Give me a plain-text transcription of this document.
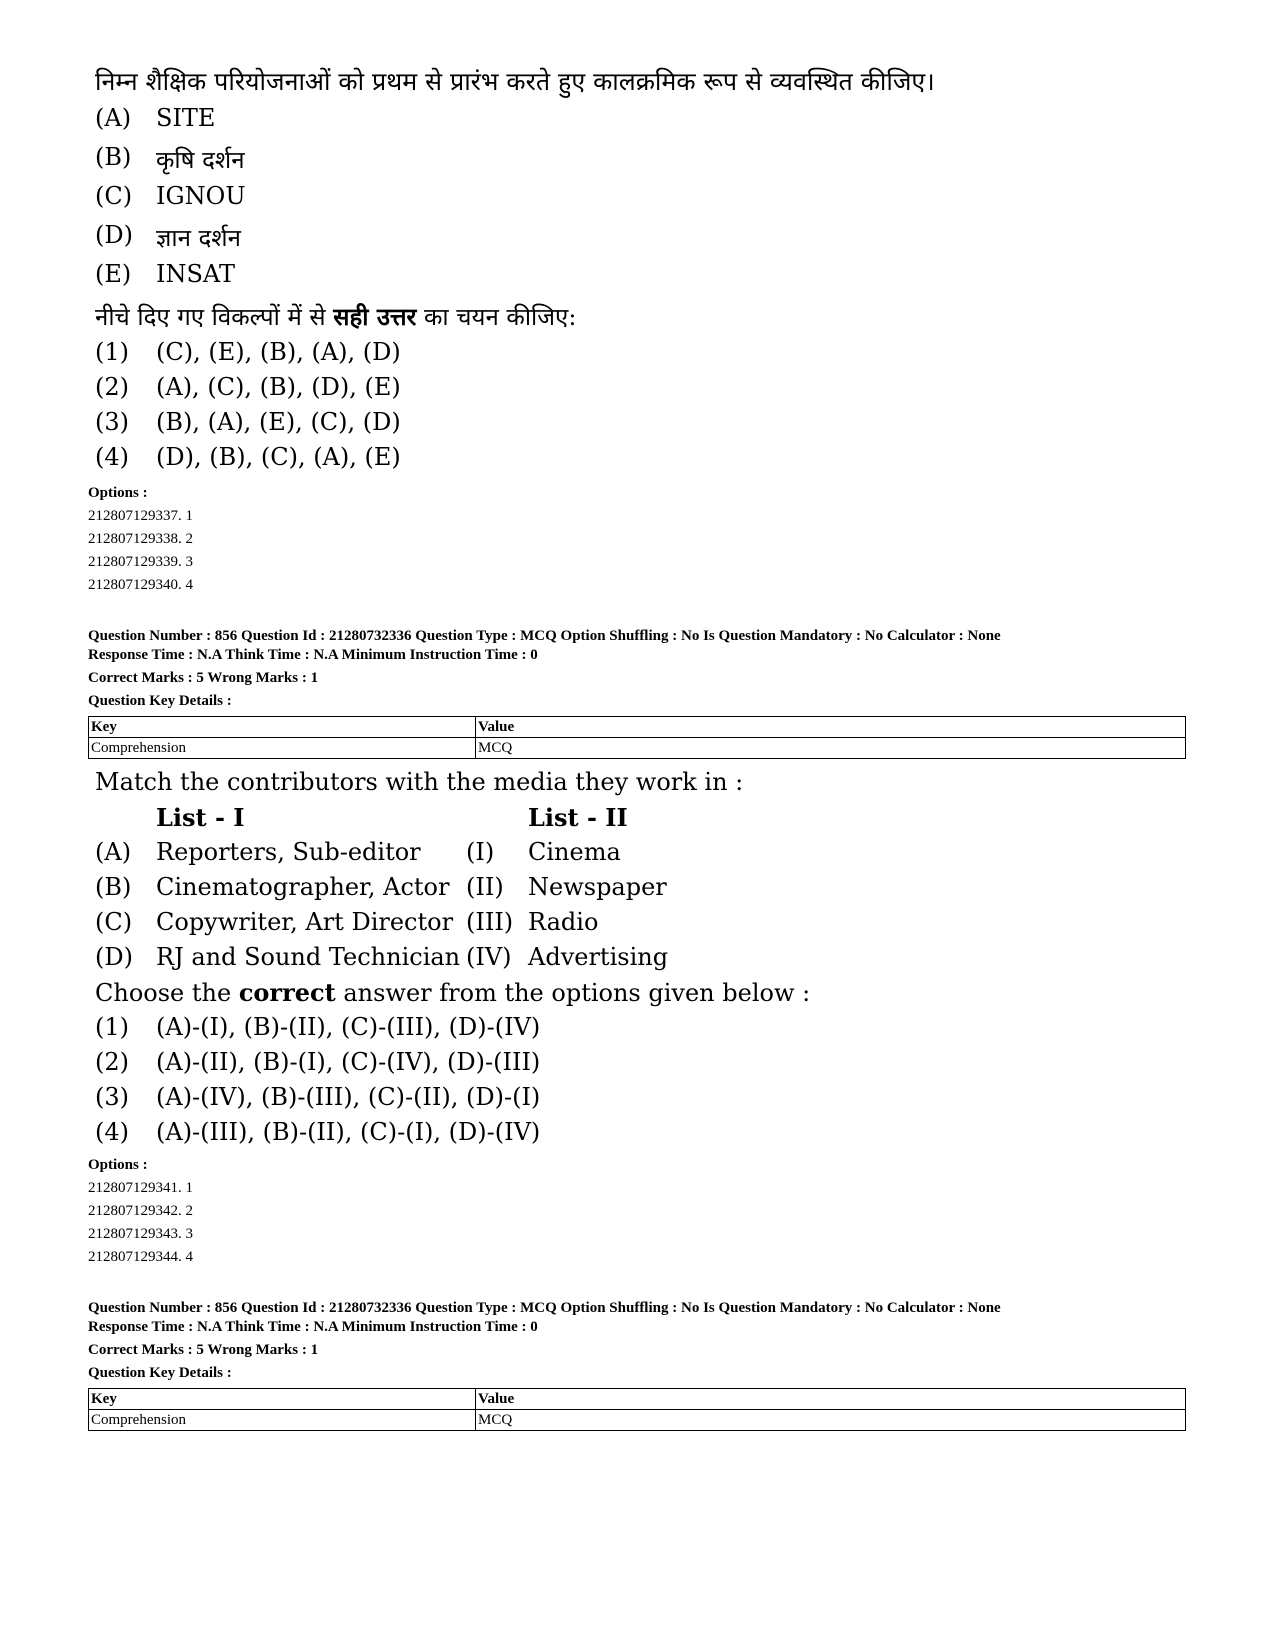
निम्न शैक्षिक परियोजनाओं को प्रथम से प्रारंभ करते हुए कालक्रमिक रूप से व्यवस्थित कीजिए।
(A) SITE
(B) कृषि दर्शन
(C) IGNOU
(D) ज्ञान दर्शन
(E) INSAT
नीचे दिए गए विकल्पों में से सही उत्तर का चयन कीजिए:
(1) (C), (E), (B), (A), (D)
(2) (A), (C), (B), (D), (E)
(3) (B), (A), (E), (C), (D)
(4) (D), (B), (C), (A), (E)
Options :
212807129337. 1
212807129338. 2
212807129339. 3
212807129340. 4
Question Number : 856 Question Id : 21280732336 Question Type : MCQ Option Shuffling : No Is Question Mandatory : No Calculator : None
Response Time : N.A Think Time : N.A Minimum Instruction Time : 0
Correct Marks : 5 Wrong Marks : 1
Question Key Details :
Key	Value
Comprehension	MCQ
Match the contributors with the media they work in :
List - I	List - II
(A) Reporters, Sub-editor (I) Cinema
(B) Cinematographer, Actor (II) Newspaper
(C) Copywriter, Art Director (III) Radio
(D) RJ and Sound Technician (IV) Advertising
Choose the correct answer from the options given below :
(1) (A)-(I), (B)-(II), (C)-(III), (D)-(IV)
(2) (A)-(II), (B)-(I), (C)-(IV), (D)-(III)
(3) (A)-(IV), (B)-(III), (C)-(II), (D)-(I)
(4) (A)-(III), (B)-(II), (C)-(I), (D)-(IV)
Options :
212807129341. 1
212807129342. 2
212807129343. 3
212807129344. 4
Question Number : 856 Question Id : 21280732336 Question Type : MCQ Option Shuffling : No Is Question Mandatory : No Calculator : None
Response Time : N.A Think Time : N.A Minimum Instruction Time : 0
Correct Marks : 5 Wrong Marks : 1
Question Key Details :
Key	Value
Comprehension	MCQ
